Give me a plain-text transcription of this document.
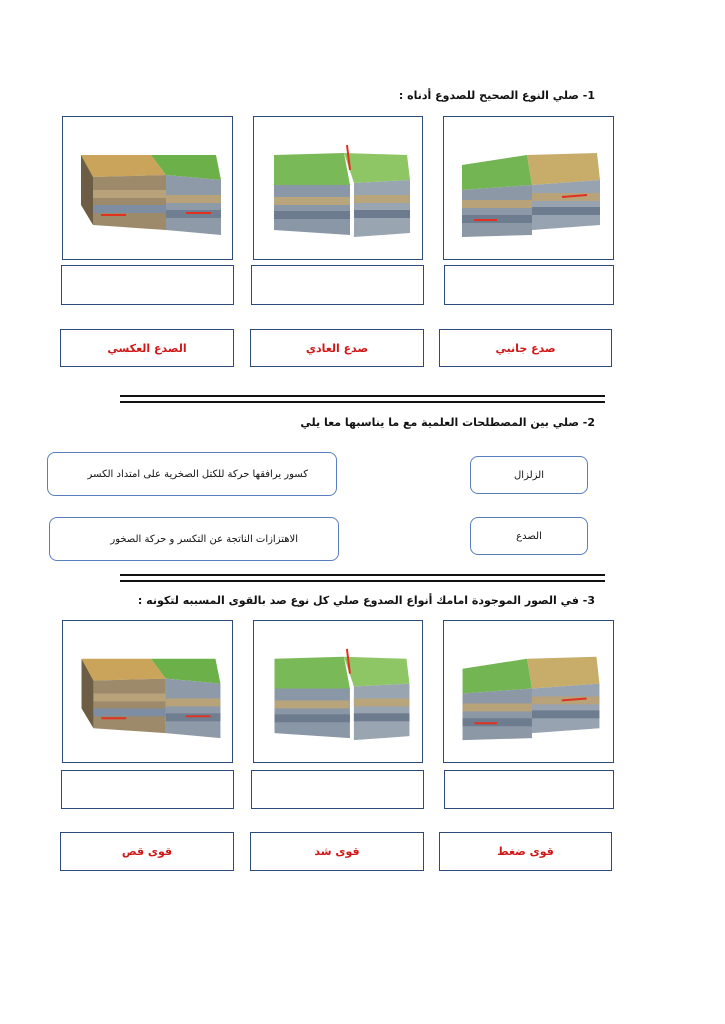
1- صلي النوع الصحيح للصدوع أدناه :
الصدع العكسي	صدع العادي	صدع جانبي
2- صلي بين المصطلحات العلمية مع ما يناسبها معا يلي
كسور يرافقها حركة للكتل الصخرية على امتداد الكسر	الزلزال
الاهتزازات الناتجة عن التكسر و حركة الصخور	الصدع
3- في الصور الموجودة امامك أنواع الصدوع صلي كل نوع صد بالقوى المسببه لتكونه :
قوى قص	قوى شد	قوى ضغط
